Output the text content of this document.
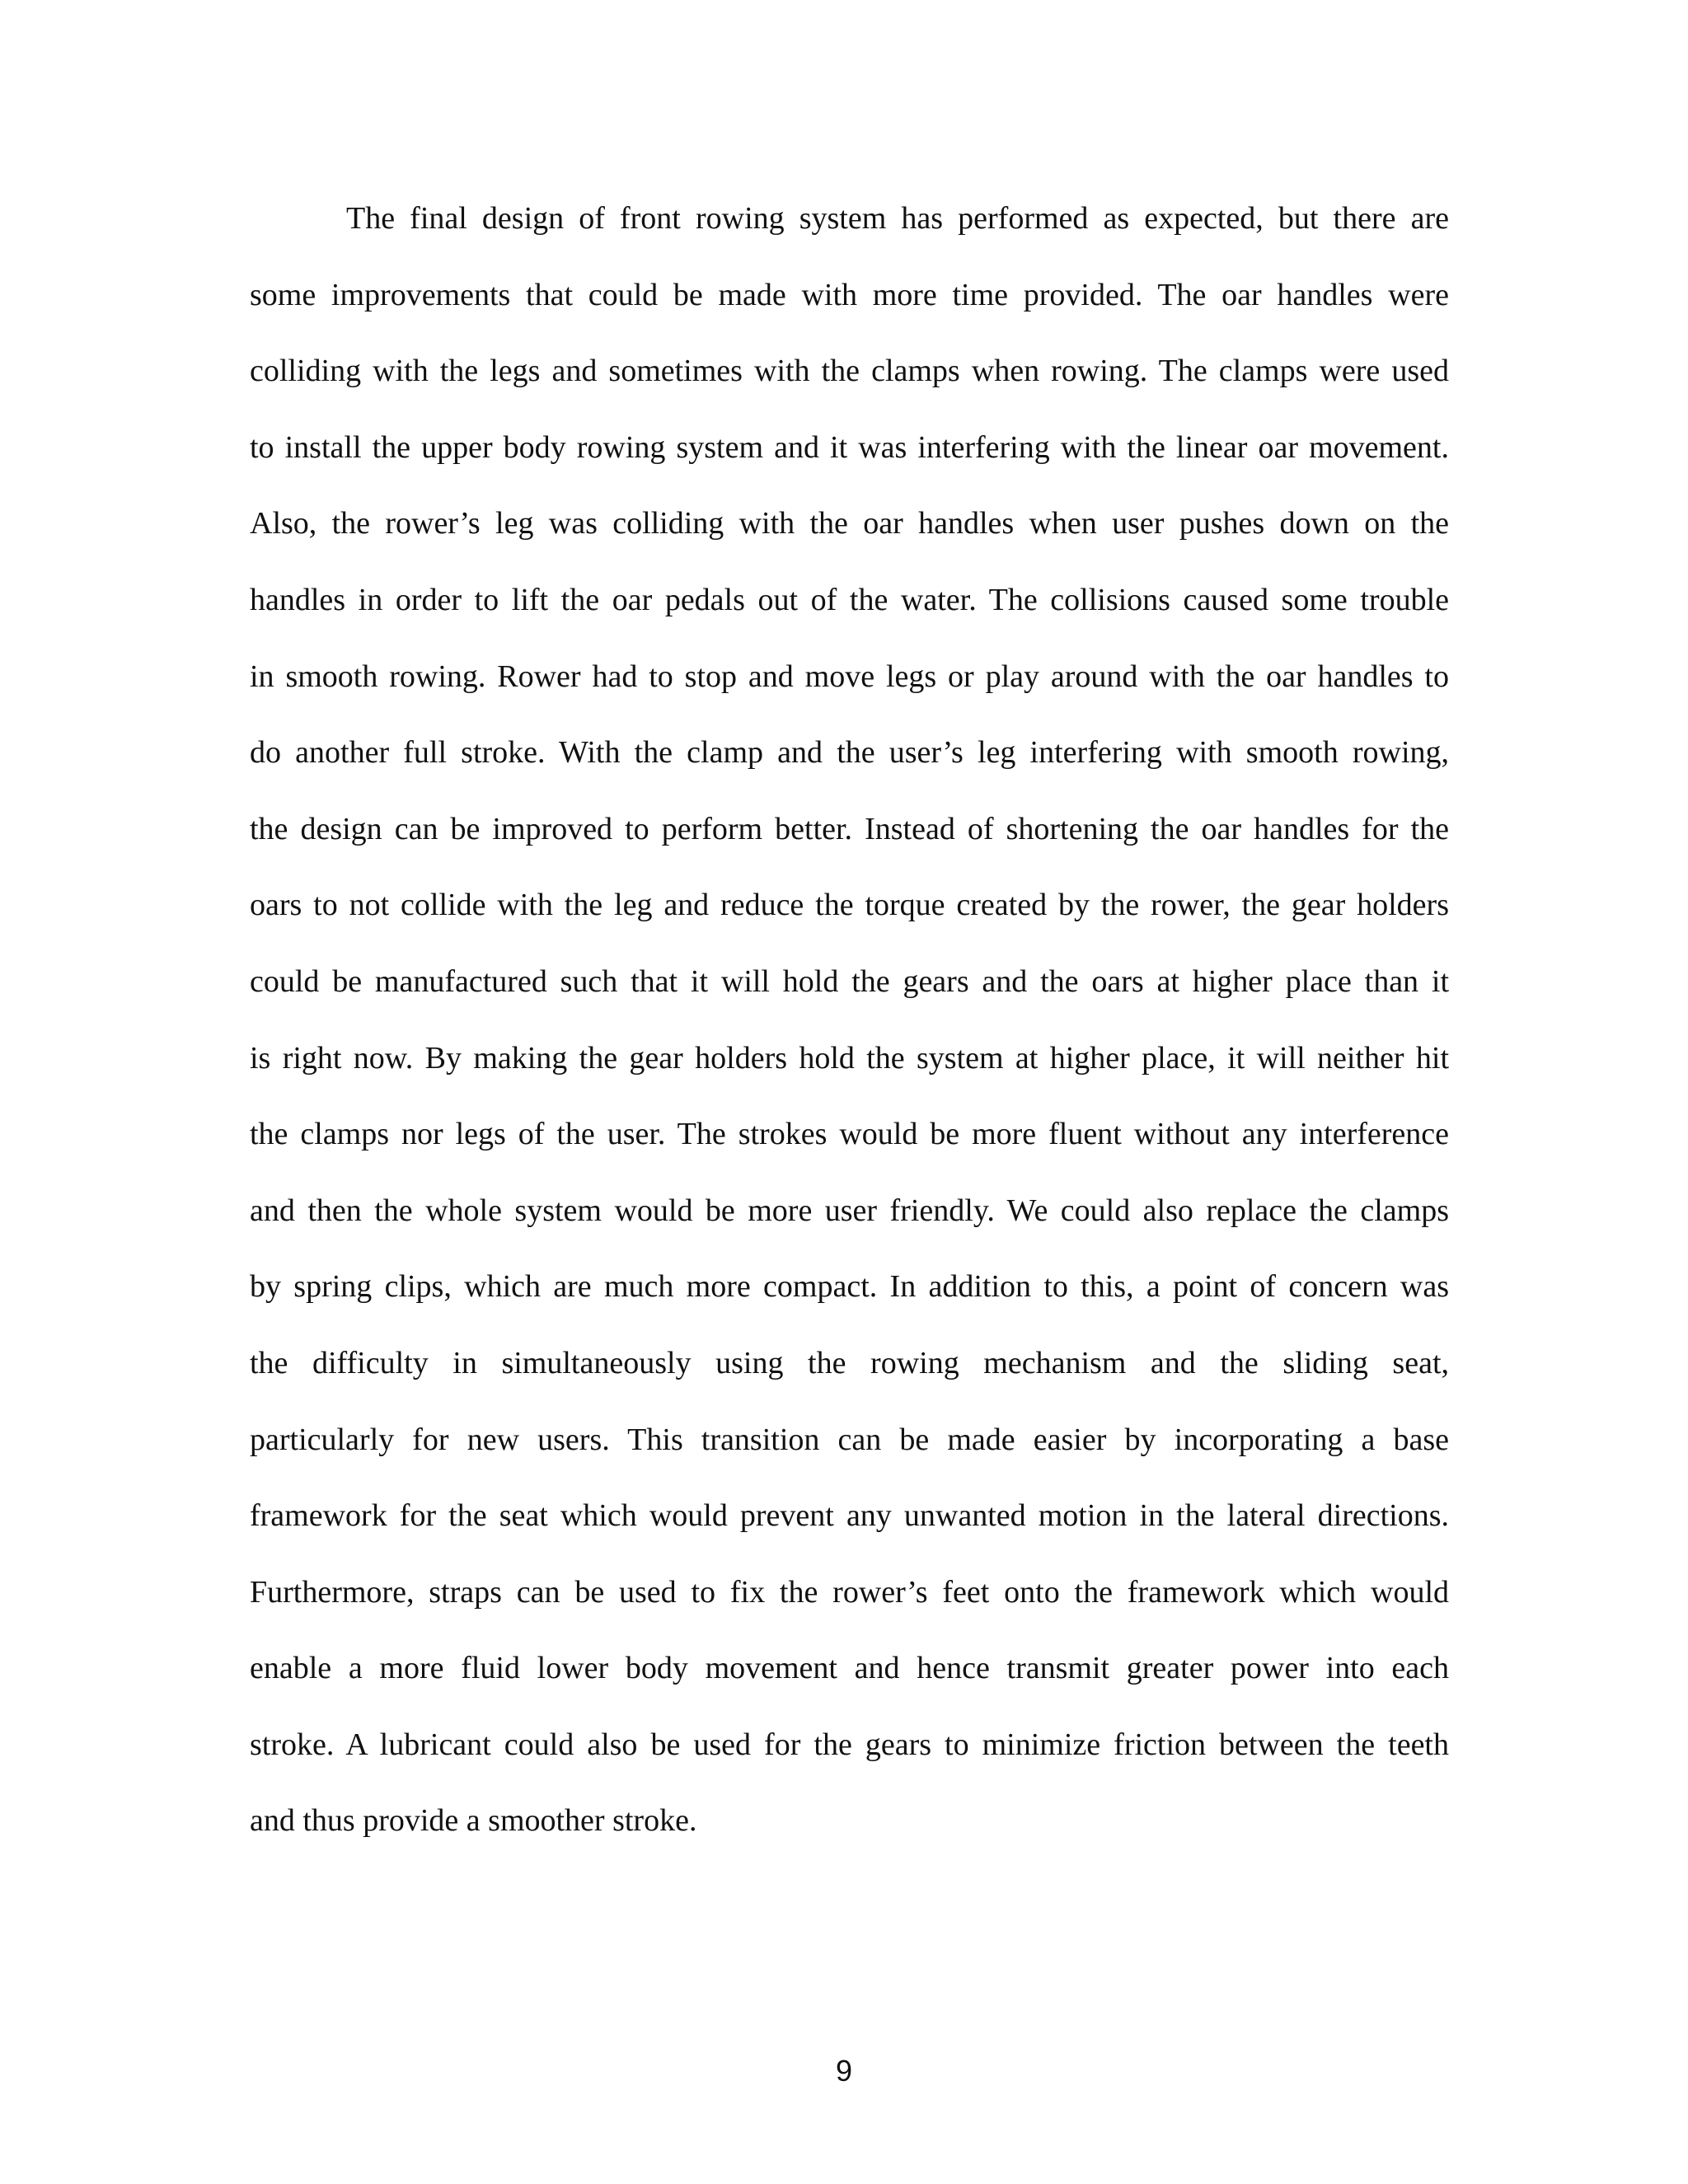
The final design of front rowing system has performed as expected, but there are
some improvements that could be made with more time provided. The oar handles were
colliding with the legs and sometimes with the clamps when rowing. The clamps were used
to install the upper body rowing system and it was interfering with the linear oar movement.
Also, the rower’s leg was colliding with the oar handles when user pushes down on the
handles in order to lift the oar pedals out of the water. The collisions caused some trouble
in smooth rowing. Rower had to stop and move legs or play around with the oar handles to
do another full stroke. With the clamp and the user’s leg interfering with smooth rowing,
the design can be improved to perform better. Instead of shortening the oar handles for the
oars to not collide with the leg and reduce the torque created by the rower, the gear holders
could be manufactured such that it will hold the gears and the oars at higher place than it
is right now. By making the gear holders hold the system at higher place, it will neither hit
the clamps nor legs of the user. The strokes would be more fluent without any interference
and then the whole system would be more user friendly. We could also replace the clamps
by spring clips, which are much more compact. In addition to this, a point of concern was
the difficulty in simultaneously using the rowing mechanism and the sliding seat,
particularly for new users. This transition can be made easier by incorporating a base
framework for the seat which would prevent any unwanted motion in the lateral directions.
Furthermore, straps can be used to fix the rower’s feet onto the framework which would
enable a more fluid lower body movement and hence transmit greater power into each
stroke. A lubricant could also be used for the gears to minimize friction between the teeth
and thus provide a smoother stroke.
9
